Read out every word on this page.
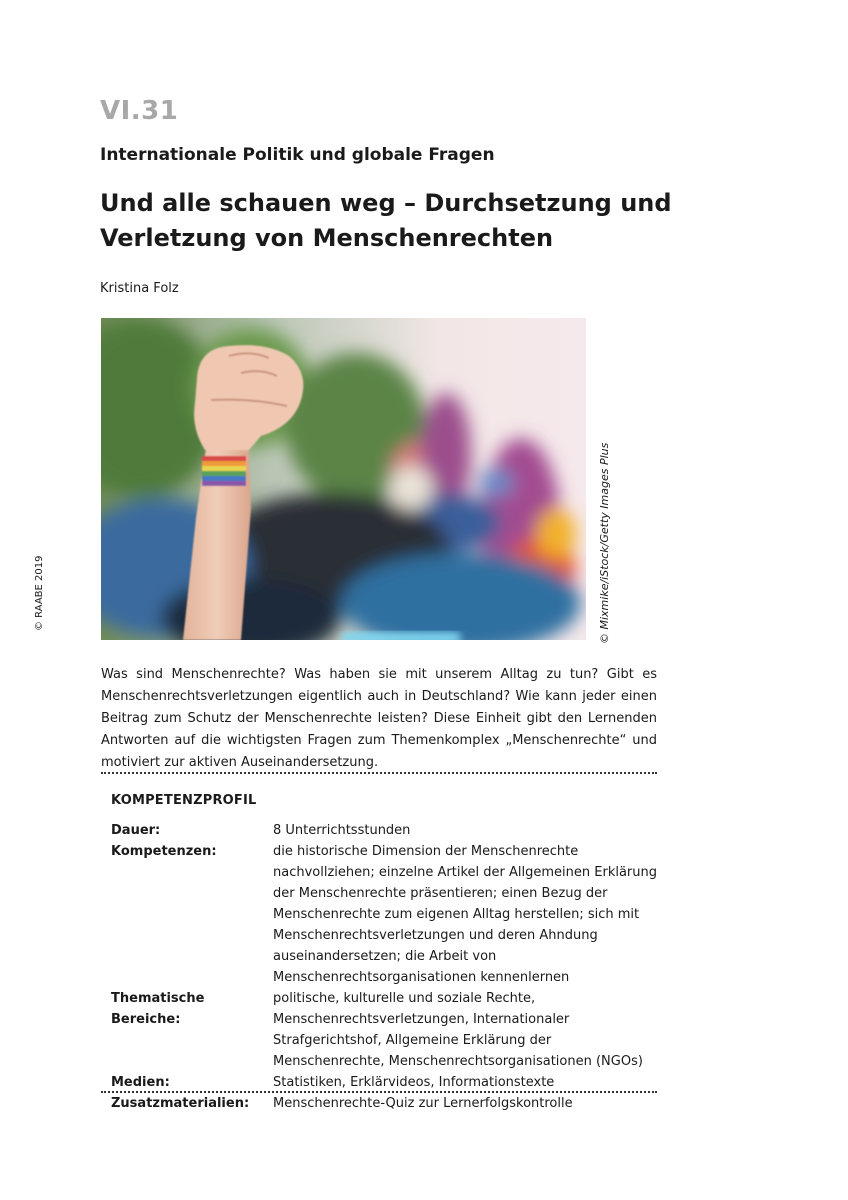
VI.31
Internationale Politik und globale Fragen
Und alle schauen weg – Durchsetzung und Verletzung von Menschenrechten
Kristina Folz
© Mixmike/iStock/Getty Images Plus
© RAABE 2019
Was sind Menschenrechte? Was haben sie mit unserem Alltag zu tun? Gibt es Menschenrechtsverletzungen eigentlich auch in Deutschland? Wie kann jeder einen Beitrag zum Schutz der Menschenrechte leisten? Diese Einheit gibt den Lernenden Antworten auf die wichtigsten Fragen zum Themenkomplex „Menschenrechte“ und motiviert zur aktiven Auseinandersetzung.
KOMPETENZPROFIL
Dauer:	8 Unterrichtsstunden
Kompetenzen:	die historische Dimension der Menschenrechte nachvollziehen; einzelne Artikel der Allgemeinen Erklärung der Menschenrechte präsentieren; einen Bezug der Menschenrechte zum eigenen Alltag herstellen; sich mit Menschenrechtsverletzungen und deren Ahndung auseinandersetzen; die Arbeit von Menschenrechtsorganisationen kennenlernen
Thematische Bereiche:
politische, kulturelle und soziale Rechte, Menschenrechtsverletzungen, Internationaler Strafgerichtshof, Allgemeine Erklärung der Menschenrechte, Menschenrechtsorganisationen (NGOs)
Medien:	Statistiken, Erklärvideos, Informationstexte
Zusatzmaterialien:	Menschenrechte-Quiz zur Lernerfolgskontrolle
